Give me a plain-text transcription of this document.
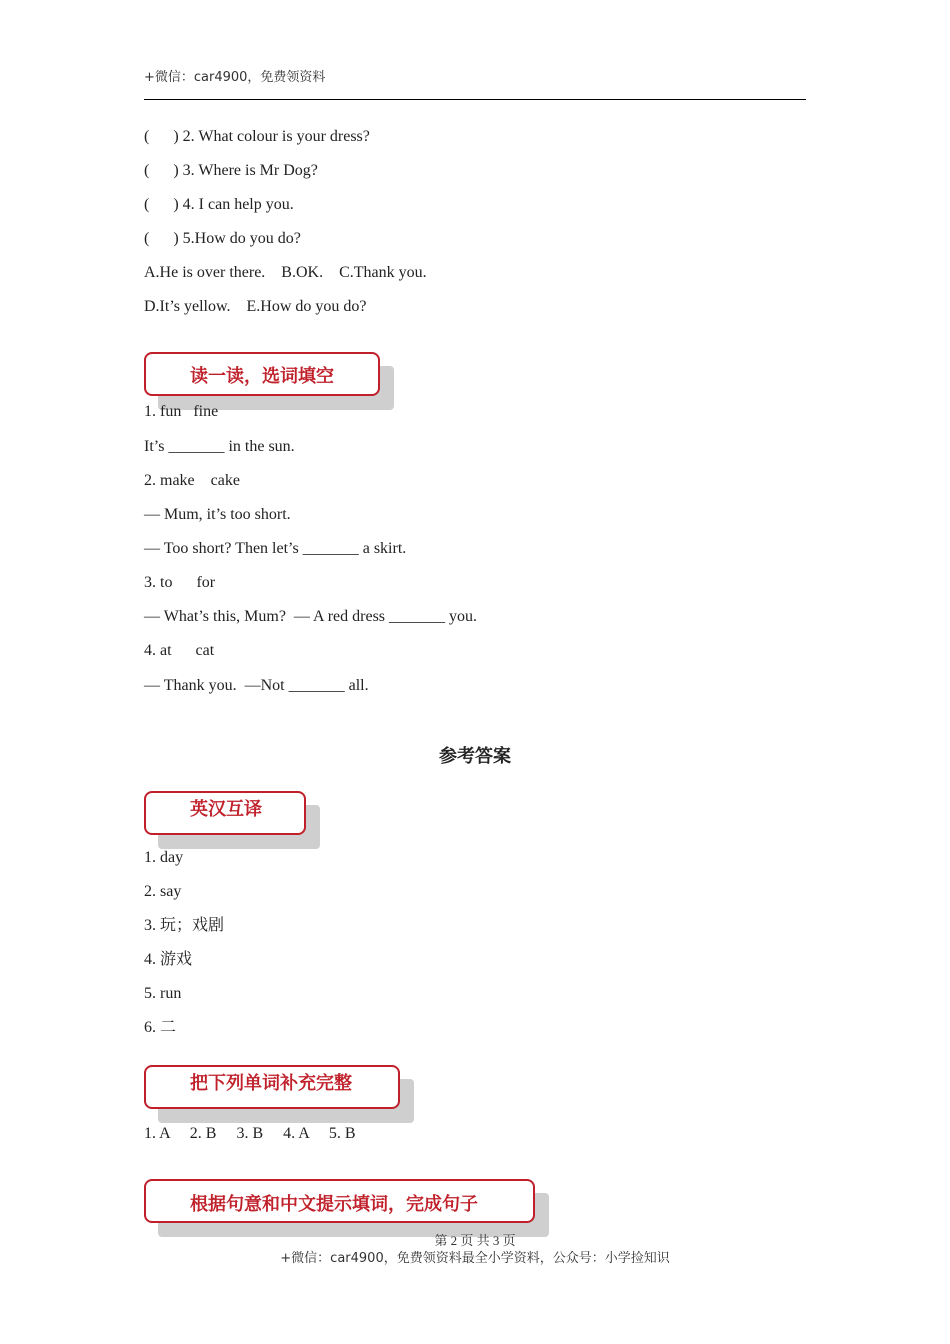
+微信：car4900，免费领资料
(      ) 2. What colour is your dress?
(      ) 3. Where is Mr Dog?
(      ) 4. I can help you.
(      ) 5.How do you do?
A.He is over there.    B.OK.    C.Thank you.
D.It’s yellow.    E.How do you do?
读一读，选词填空
1. fun   fine
It’s _______ in the sun.
2. make    cake
— Mum, it’s too short.
— Too short? Then let’s _______ a skirt.
3. to      for
— What’s this, Mum?  — A red dress _______ you.
4. at      cat
— Thank you.  —Not _______ all.
参考答案
英汉互译
1. day
2. say
3. 玩；戏剧
4. 游戏
5. run
6. 二
把下列单词补充完整
1. A     2. B     3. B     4. A     5. B
根据句意和中文提示填词，完成句子
第 2 页 共 3 页
+微信：car4900，免费领资料最全小学资料，公众号：小学捡知识
